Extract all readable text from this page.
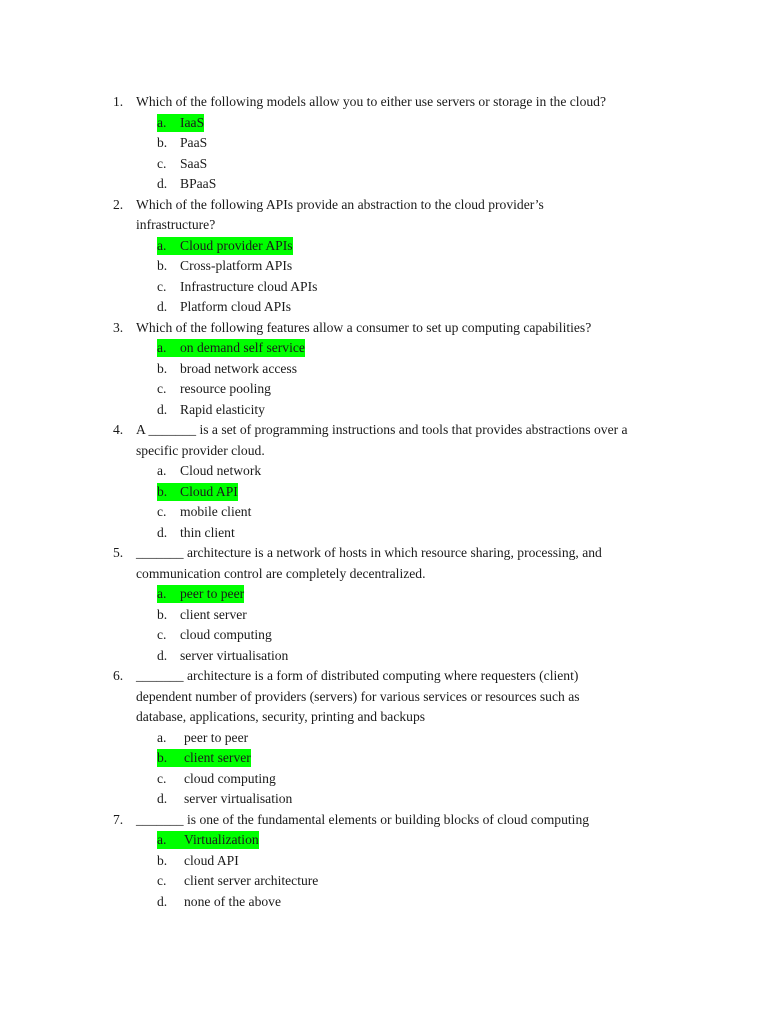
1. Which of the following models allow you to either use servers or storage in the cloud?
a. IaaS
b. PaaS
c. SaaS
d. BPaaS
2. Which of the following APIs provide an abstraction to the cloud provider’s
infrastructure?
a. Cloud provider APIs
b. Cross-platform APIs
c. Infrastructure cloud APIs
d. Platform cloud APIs
3. Which of the following features allow a consumer to set up computing capabilities?
a. on demand self service
b. broad network access
c. resource pooling
d. Rapid elasticity
4. A _______ is a set of programming instructions and tools that provides abstractions over a
specific provider cloud.
a. Cloud network
b. Cloud API
c. mobile client
d. thin client
5. _______ architecture is a network of hosts in which resource sharing, processing, and
communication control are completely decentralized.
a. peer to peer
b. client server
c. cloud computing
d. server virtualisation
6. _______ architecture is a form of distributed computing where requesters (client)
dependent number of providers (servers) for various services or resources such as
database, applications, security, printing and backups
a. peer to peer
b. client server
c. cloud computing
d. server virtualisation
7. _______ is one of the fundamental elements or building blocks of cloud computing
a. Virtualization
b. cloud API
c. client server architecture
d. none of the above
